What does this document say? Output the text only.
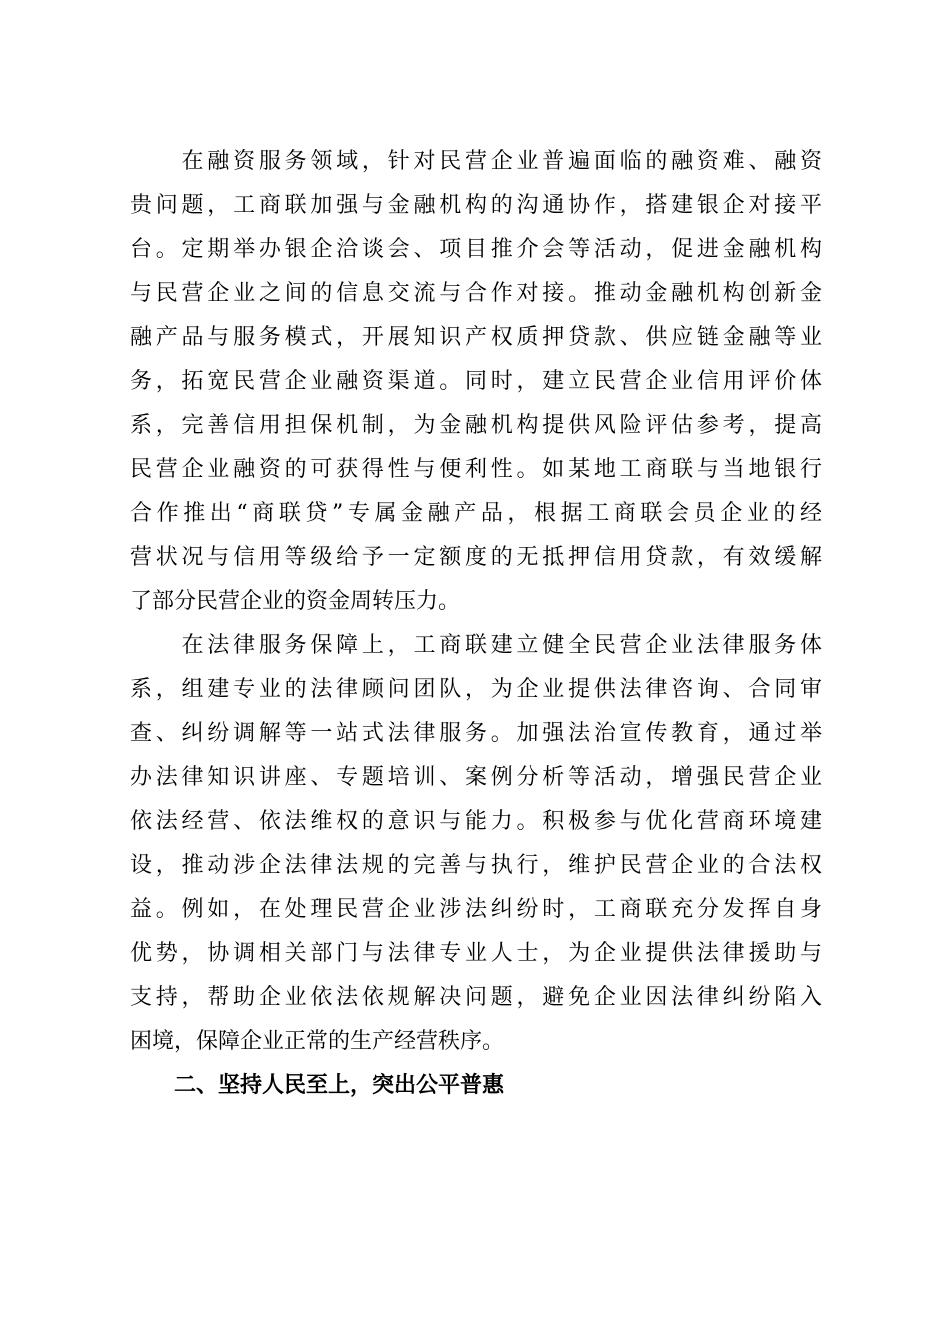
　　在融资服务领域，针对民营企业普遍面临的融资难、融资
贵问题，工商联加强与金融机构的沟通协作，搭建银企对接平
台。定期举办银企洽谈会、项目推介会等活动，促进金融机构
与民营企业之间的信息交流与合作对接。推动金融机构创新金
融产品与服务模式，开展知识产权质押贷款、供应链金融等业
务，拓宽民营企业融资渠道。同时，建立民营企业信用评价体
系，完善信用担保机制，为金融机构提供风险评估参考，提高
民营企业融资的可获得性与便利性。如某地工商联与当地银行
合作推出“商联贷”专属金融产品，根据工商联会员企业的经
营状况与信用等级给予一定额度的无抵押信用贷款，有效缓解
了部分民营企业的资金周转压力。
　　在法律服务保障上，工商联建立健全民营企业法律服务体
系，组建专业的法律顾问团队，为企业提供法律咨询、合同审
查、纠纷调解等一站式法律服务。加强法治宣传教育，通过举
办法律知识讲座、专题培训、案例分析等活动，增强民营企业
依法经营、依法维权的意识与能力。积极参与优化营商环境建
设，推动涉企法律法规的完善与执行，维护民营企业的合法权
益。例如，在处理民营企业涉法纠纷时，工商联充分发挥自身
优势，协调相关部门与法律专业人士，为企业提供法律援助与
支持，帮助企业依法依规解决问题，避免企业因法律纠纷陷入
困境，保障企业正常的生产经营秩序。

二、坚持人民至上，突出公平普惠
